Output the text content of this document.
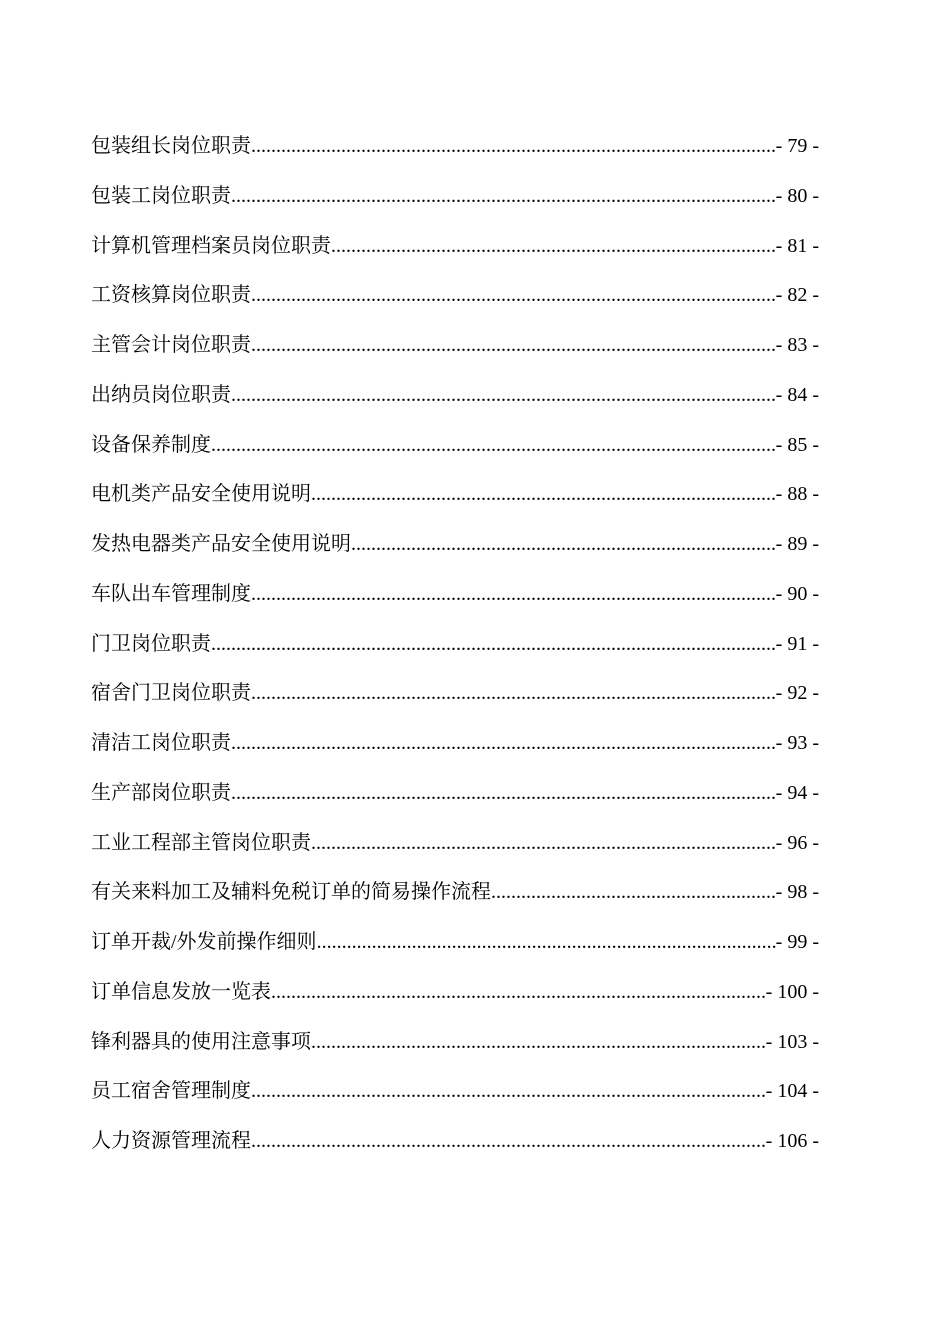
包装组长岗位职责 .....	- 79 -
包装工岗位职责 .....	- 80 -
计算机管理档案员岗位职责 .....	- 81 -
工资核算岗位职责 .....	- 82 -
主管会计岗位职责 .....	- 83 -
出纳员岗位职责 .....	- 84 -
设备保养制度 .....	- 85 -
电机类产品安全使用说明 .....	- 88 -
发热电器类产品安全使用说明 .....	- 89 -
车队出车管理制度 .....	- 90 -
门卫岗位职责 .....	- 91 -
宿舍门卫岗位职责 .....	- 92 -
清洁工岗位职责 .....	- 93 -
生产部岗位职责 .....	- 94 -
工业工程部主管岗位职责 .....	- 96 -
有关来料加工及辅料免税订单的简易操作流程 .....	- 98 -
订单开裁/外发前操作细则 .....	- 99 -
订单信息发放一览表 .....	- 100 -
锋利器具的使用注意事项 .....	- 103 -
员工宿舍管理制度 .....	- 104 -
人力资源管理流程 .....	- 106 -
